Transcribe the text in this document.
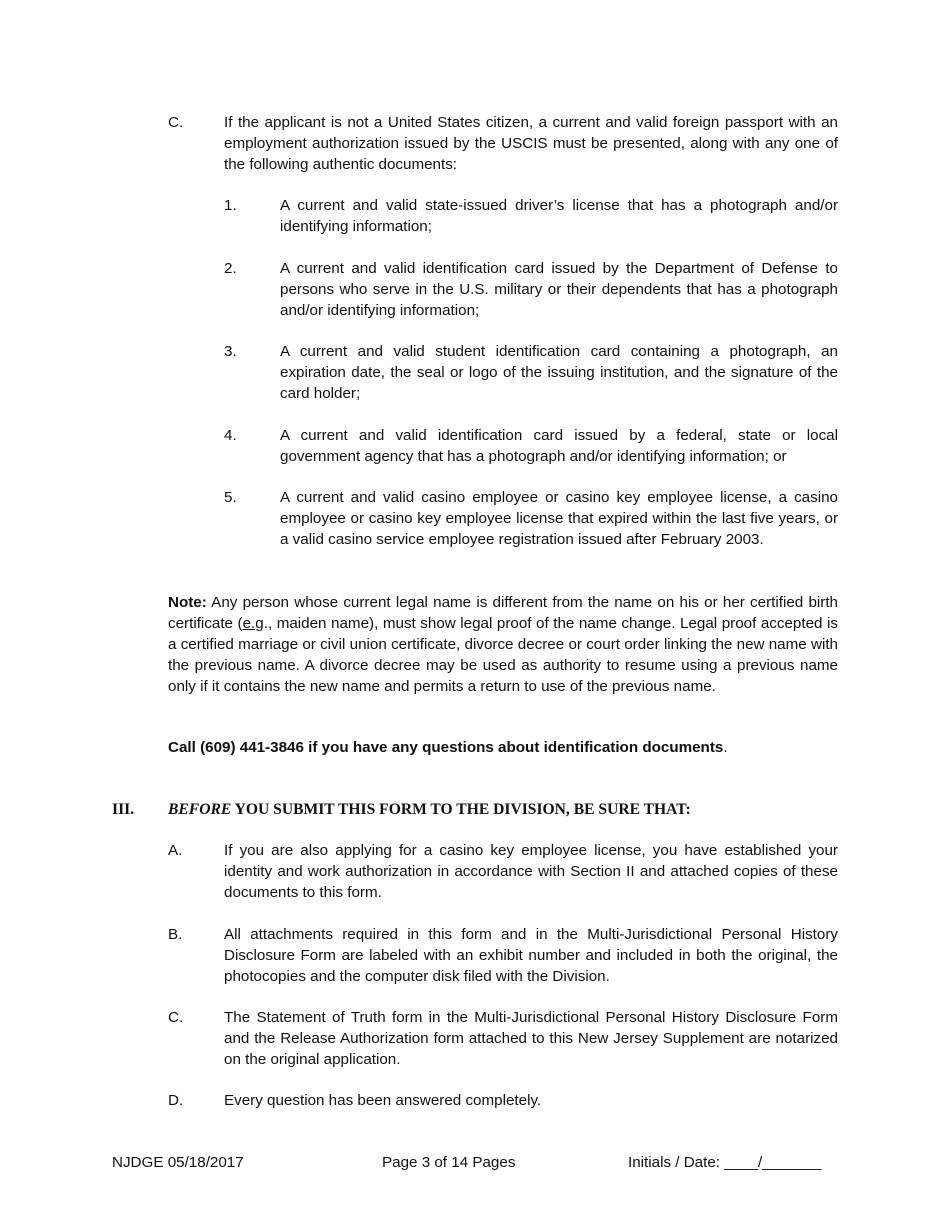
C.	If the applicant is not a United States citizen, a current and valid foreign passport with an employment authorization issued by the USCIS must be presented, along with any one of the following authentic documents:
1.	A current and valid state-issued driver’s license that has a photograph and/or identifying information;
2.	A current and valid identification card issued by the Department of Defense to persons who serve in the U.S. military or their dependents that has a photograph and/or identifying information;
3.	A current and valid student identification card containing a photograph, an expiration date, the seal or logo of the issuing institution, and the signature of the card holder;
4.	A current and valid identification card issued by a federal, state or local government agency that has a photograph and/or identifying information; or
5.	A current and valid casino employee or casino key employee license, a casino employee or casino key employee license that expired within the last five years, or a valid casino service employee registration issued after February 2003.
Note: Any person whose current legal name is different from the name on his or her certified birth certificate (e.g., maiden name), must show legal proof of the name change. Legal proof accepted is a certified marriage or civil union certificate, divorce decree or court order linking the new name with the previous name. A divorce decree may be used as authority to resume using a previous name only if it contains the new name and permits a return to use of the previous name.
Call (609) 441-3846 if you have any questions about identification documents.
III.	BEFORE YOU SUBMIT THIS FORM TO THE DIVISION, BE SURE THAT:
A.	If you are also applying for a casino key employee license, you have established your identity and work authorization in accordance with Section II and attached copies of these documents to this form.
B.	All attachments required in this form and in the Multi-Jurisdictional Personal History Disclosure Form are labeled with an exhibit number and included in both the original, the photocopies and the computer disk filed with the Division.
C.	The Statement of Truth form in the Multi-Jurisdictional Personal History Disclosure Form and the Release Authorization form attached to this New Jersey Supplement are notarized on the original application.
D.	Every question has been answered completely.
NJDGE 05/18/2017	Page 3 of 14 Pages	Initials / Date: ____/_______
